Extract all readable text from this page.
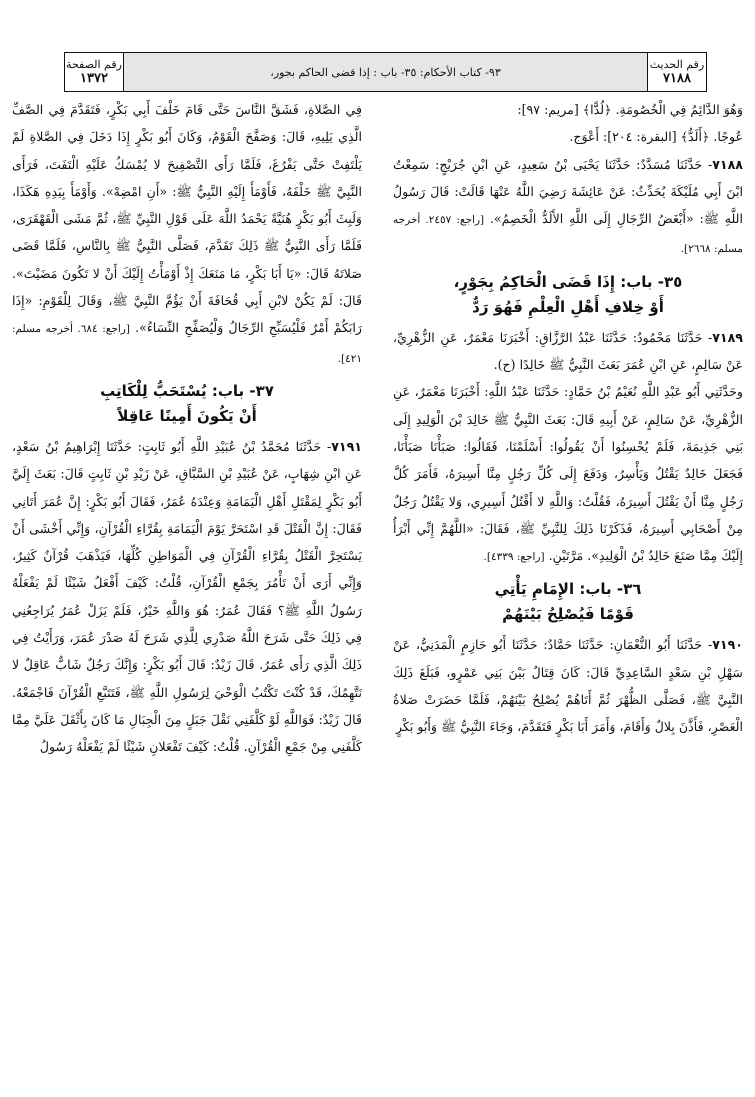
رقم الصفحة
١٣٧٢	٩٣- كتاب الأحكام: ٣٥- باب : إذا قضى الحاكم بجور،
رقم الحديث
٧١٨٨

وَهُوَ الدَّائِمُ فِي الْخُصُومَةِ. ﴿لُدًّا﴾ [مريم: ٩٧]:

عُوجًا. ﴿أَلَدُّ﴾ [البقرة: ٢٠٤]: أَعْوَج.

٧١٨٨- حَدَّثَنَا مُسَدَّدٌ: حَدَّثَنَا يَحْيَى بْنُ سَعِيدٍ، عَنِ ابْنِ جُرَيْجٍ: سَمِعْتُ ابْنَ أَبِي مُلَيْكَةَ يُحَدِّثُ: عَنْ عَائِشَةَ رَضِيَ اللَّهُ عَنْهَا قَالَتْ: قَالَ رَسُولُ اللَّهِ ﷺ: «أَبْغَضُ الرِّجَالِ إِلَى اللَّهِ الأَلَدُّ الْخَصِمُ». [راجع: ٢٤٥٧. أخرجه مسلم: ٢٦٦٨].

٣٥- باب: إِذَا قَضَى الْحَاكِمُ بِجَوْرٍ،
أَوْ خِلافِ أَهْلِ الْعِلْمِ فَهُوَ رَدٌّ

٧١٨٩- حَدَّثَنَا مَحْمُودٌ: حَدَّثَنَا عَبْدُ الرَّزَّاقِ: أَخْبَرَنَا مَعْمَرٌ، عَنِ الزُّهْرِيِّ، عَنْ سَالِمٍ، عَنِ ابْنِ عُمَرَ بَعَثَ النَّبِيُّ ﷺ خَالِدًا (ح).

وحَدَّثَنِي أَبُو عَبْدِ اللَّهِ نُعَيْمُ بْنُ حَمَّادٍ: حَدَّثَنَا عَبْدُ اللَّهِ: أَخْبَرَنَا مَعْمَرٌ، عَنِ الزُّهْرِيِّ، عَنْ سَالِمٍ، عَنْ أَبِيهِ قَالَ: بَعَثَ النَّبِيُّ ﷺ خَالِدَ بْنَ الْوَلِيدِ إِلَى بَنِي جَذِيمَةَ، فَلَمْ يُحْسِنُوا أَنْ يَقُولُوا: أَسْلَمْنَا، فَقَالُوا: صَبَأْنَا صَبَأْنَا، فَجَعَلَ خَالِدٌ يَقْتُلُ وَيَأْسِرُ، وَدَفَعَ إِلَى كُلِّ رَجُلٍ مِنَّا أَسِيرَهُ، فَأَمَرَ كُلَّ رَجُلٍ مِنَّا أَنْ يَقْتُلَ أَسِيرَهُ، فَقُلْتُ: وَاللَّهِ لا أَقْتُلُ أَسِيرِي، وَلا يَقْتُلُ رَجُلٌ مِنْ أَصْحَابِي أَسِيرَهُ، فَذَكَرْنَا ذَلِكَ لِلنَّبِيِّ ﷺ، فَقَالَ: «اللَّهُمَّ إِنِّي أَبْرَأُ إِلَيْكَ مِمَّا صَنَعَ خَالِدُ بْنُ الْوَلِيدِ». مَرَّتَيْنِ. [راجع: ٤٣٣٩].

٣٦- باب: الإِمَامِ يَأْتِي
قَوْمًا فَيُصْلِحُ بَيْنَهُمْ

٧١٩٠- حَدَّثَنَا أَبُو النُّعْمَانِ: حَدَّثَنَا حَمَّادٌ: حَدَّثَنَا أَبُو حَازِمٍ الْمَدَنِيُّ، عَنْ سَهْلِ بْنِ سَعْدٍ السَّاعِدِيِّ قَالَ: كَانَ قِتَالٌ بَيْنَ بَنِي عَمْرٍو، فَبَلَغَ ذَلِكَ النَّبِيَّ ﷺ، فَصَلَّى الظُّهْرَ ثُمَّ أَتَاهُمْ يُصْلِحُ بَيْنَهُمْ، فَلَمَّا حَضَرَتْ صَلاةُ الْعَصْرِ، فَأَذَّنَ بِلالٌ وَأَقَامَ، وَأَمَرَ أَبَا بَكْرٍ فَتَقَدَّمَ، وَجَاءَ النَّبِيُّ ﷺ وَأَبُو بَكْرٍ

فِي الصَّلاةِ، فَشَقَّ النَّاسَ حَتَّى قَامَ خَلْفَ أَبِي بَكْرٍ، فَتَقَدَّمَ فِي الصَّفِّ الَّذِي يَلِيهِ، قَالَ: وَصَفَّحَ الْقَوْمُ، وَكَانَ أَبُو بَكْرٍ إِذَا دَخَلَ فِي الصَّلاةِ لَمْ يَلْتَفِتْ حَتَّى يَفْرُغَ، فَلَمَّا رَأَى التَّصْفِيحَ لا يُمْسَكُ عَلَيْهِ الْتَفَتَ، فَرَأَى النَّبِيَّ ﷺ خَلْفَهُ، فَأَوْمَأَ إِلَيْهِ النَّبِيُّ ﷺ: «أَنِ امْضِهْ». وَأَوْمَأَ بِيَدِهِ هَكَذَا، وَلَبِثَ أَبُو بَكْرٍ هُنَيَّةً يَحْمَدُ اللَّهَ عَلَى قَوْلِ النَّبِيِّ ﷺ، ثُمَّ مَشَى الْقَهْقَرَى، فَلَمَّا رَأَى النَّبِيُّ ﷺ ذَلِكَ تَقَدَّمَ، فَصَلَّى النَّبِيُّ ﷺ بِالنَّاسِ، فَلَمَّا قَضَى صَلاتَهُ قَالَ: «يَا أَبَا بَكْرٍ، مَا مَنَعَكَ إِذْ أَوْمَأْتُ إِلَيْكَ أَنْ لا تَكُونَ مَضَيْتَ». قَالَ: لَمْ يَكُنْ لابْنِ أَبِي قُحَافَةَ أَنْ يَؤُمَّ النَّبِيَّ ﷺ، وَقَالَ لِلْقَوْمِ: «إِذَا رَابَكُمْ أَمْرٌ فَلْيُسَبِّحِ الرِّجَالُ وَلْيُصَفِّحِ النِّسَاءُ». [راجع: ٦٨٤. أخرجه مسلم: ٤٢١].

٣٧- باب: يُسْتَحَبُّ لِلْكَاتِبِ
أَنْ يَكُونَ أَمِينًا عَاقِلاً

٧١٩١- حَدَّثَنَا مُحَمَّدُ بْنُ عُبَيْدِ اللَّهِ أَبُو ثَابِتٍ: حَدَّثَنَا إِبْرَاهِيمُ بْنُ سَعْدٍ، عَنِ ابْنِ شِهَابٍ، عَنْ عُبَيْدِ بْنِ السَّبَّاقِ، عَنْ زَيْدِ بْنِ ثَابِتٍ قَالَ: بَعَثَ إِلَيَّ أَبُو بَكْرٍ لِمَقْتَلِ أَهْلِ الْيَمَامَةِ وَعِنْدَهُ عُمَرُ، فَقَالَ أَبُو بَكْرٍ: إِنَّ عُمَرَ أَتَانِي فَقَالَ: إِنَّ الْقَتْلَ قَدِ اسْتَحَرَّ يَوْمَ الْيَمَامَةِ بِقُرَّاءِ الْقُرْآنِ، وَإِنِّي أَخْشَى أَنْ يَسْتَحِرَّ الْقَتْلُ بِقُرَّاءِ الْقُرْآنِ فِي الْمَوَاطِنِ كُلِّهَا، فَيَذْهَبَ قُرْآنٌ كَثِيرٌ، وَإِنِّي أَرَى أَنْ تَأْمُرَ بِجَمْعِ الْقُرْآنِ، قُلْتُ: كَيْفَ أَفْعَلُ شَيْئًا لَمْ يَفْعَلْهُ رَسُولُ اللَّهِ ﷺ؟ فَقَالَ عُمَرُ: هُوَ وَاللَّهِ خَيْرٌ، فَلَمْ يَزَلْ عُمَرُ يُرَاجِعُنِي فِي ذَلِكَ حَتَّى شَرَحَ اللَّهُ صَدْرِي لِلَّذِي شَرَحَ لَهُ صَدْرَ عُمَرَ، وَرَأَيْتُ فِي ذَلِكَ الَّذِي رَأَى عُمَرُ. قَالَ زَيْدٌ: قَالَ أَبُو بَكْرٍ: وَإِنَّكَ رَجُلٌ شَابٌّ عَاقِلٌ لا نَتَّهِمُكَ، قَدْ كُنْتَ تَكْتُبُ الْوَحْيَ لِرَسُولِ اللَّهِ ﷺ، فَتَتَبَّعِ الْقُرْآنَ فَاجْمَعْهُ. قَالَ زَيْدٌ: فَوَاللَّهِ لَوْ كَلَّفَنِي نَقْلَ جَبَلٍ مِنَ الْجِبَالِ مَا كَانَ بِأَثْقَلَ عَلَيَّ مِمَّا كَلَّفَنِي مِنْ جَمْعِ الْقُرْآنِ. قُلْتُ: كَيْفَ تَفْعَلانِ شَيْئًا لَمْ يَفْعَلْهُ رَسُولُ
